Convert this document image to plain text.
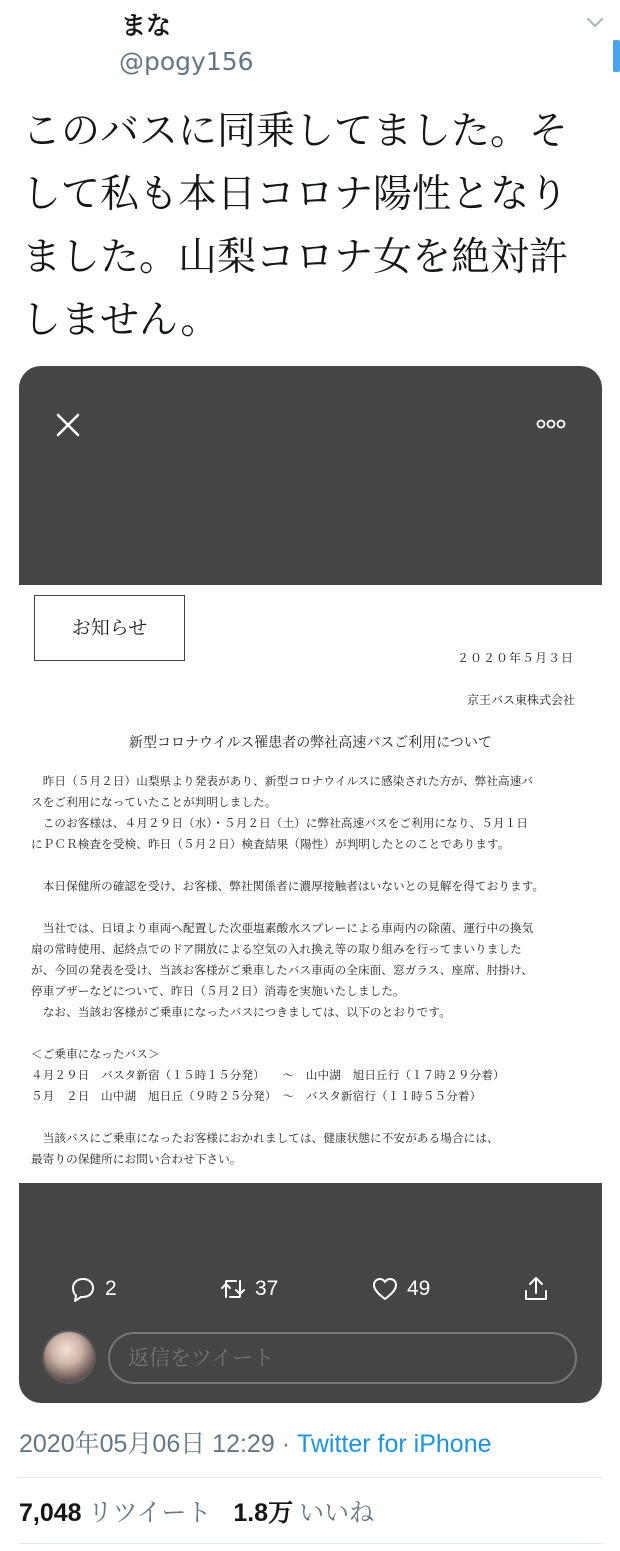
まな
@pogy156
このバスに同乗してました。そして私も本日コロナ陽性となりました。山梨コロナ女を絶対許しません。
お知らせ
２０２０年５月３日
京王バス東株式会社
新型コロナウイルス罹患者の弊社高速バスご利用について
　昨日（５月２日）山梨県より発表があり、新型コロナウイルスに感染された方が、弊社高速バ
スをご利用になっていたことが判明しました。
　このお客様は、４月２９日（水）・５月２日（土）に弊社高速バスをご利用になり、５月１日
にＰＣＲ検査を受検、昨日（５月２日）検査結果（陽性）が判明したとのことであります。

　本日保健所の確認を受け、お客様、弊社関係者に濃厚接触者はいないとの見解を得ております。

　当社では、日頃より車両へ配置した次亜塩素酸水スプレーによる車両内の除菌、運行中の換気
扇の常時使用、起終点でのドア開放による空気の入れ換え等の取り組みを行ってまいりました
が、今回の発表を受け、当該お客様がご乗車したバス車両の全床面、窓ガラス、座席、肘掛け、
停車ブザーなどについて、昨日（５月２日）消毒を実施いたしました。
　なお、当該お客様がご乗車になったバスにつきましては、以下のとおりです。

＜ご乗車になったバス＞
４月２９日　バスタ新宿（１５時１５分発）　　～　山中湖　旭日丘行（１７時２９分着）
５月　２日　山中湖　旭日丘（９時２５分発）　～　バスタ新宿行（１１時５５分着）

　当該バスにご乗車になったお客様におかれましては、健康状態に不安がある場合には、
最寄りの保健所にお問い合わせ下さい。
2	37	49
返信をツイート
2020年05月06日 12:29 · Twitter for iPhone
7,048 リツイート 1.8万 いいね
